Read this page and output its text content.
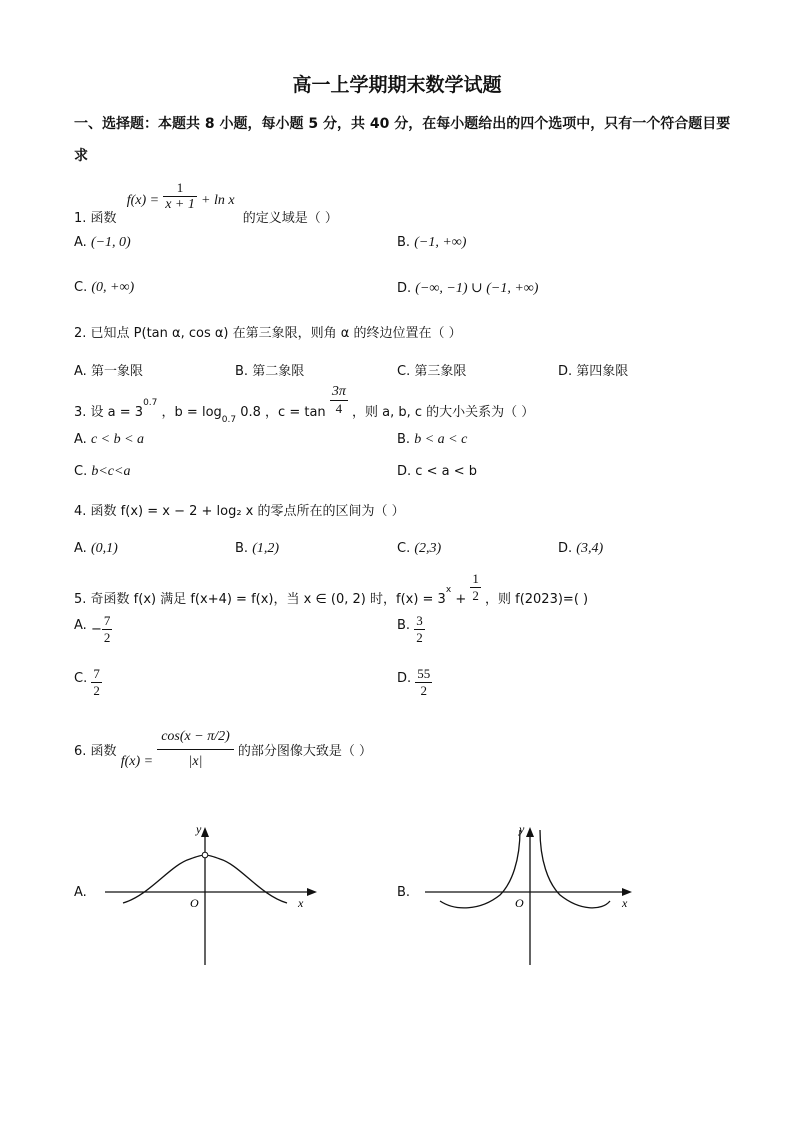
高一上学期期末数学试题
一、选择题：本题共 8 小题，每小题 5 分，共 40 分，在每小题给出的四个选项中，只有一个符合题目要求
1. 函数 $f(x) = \frac{1}{x + 1} + \ln x$ 的定义域是（ ）
A. (−1, 0)	B. (−1, +∞)
C. (0, +∞)	D. (−∞, −1) ∪ (−1, +∞)
2. 已知点 P(tan α, cos α) 在第三象限，则角 α 的终边位置在（ ）
A. 第一象限	B. 第二象限	C. 第三象限	D. 第四象限
3. 设 $a = 3^{0.7}$ ，$b = \log_{0.7} 0.8$ ，$c = \tan \frac{3\pi}{4}$ ，则 a, b, c 的大小关系为（ ）
A. c < b < a	B. b < a < c
C. b<c<a	D. c < a < b
4. 函数 f(x) = x − 2 + log₂ x 的零点所在的区间为（ ）
A. (0,1)	B. (1,2)	C. (2,3)	D. (3,4)
5. 奇函数 f(x) 满足 f(x+4) = f(x)，当 x ∈ (0, 2) 时，$f(x) = 3^x + \frac{1}{2}$ ，则 f(2023)=( )
A. − $\frac{7}{2}$	B. $\frac{3}{2}$
C. $\frac{7}{2}$	D. $\frac{55}{2}$
6. 函数 $f(x) = \frac{\cos(x - \pi/2)}{|x|}$ 的部分图像大致是（ ）
A.
O	x
y
B.
O	x
y
